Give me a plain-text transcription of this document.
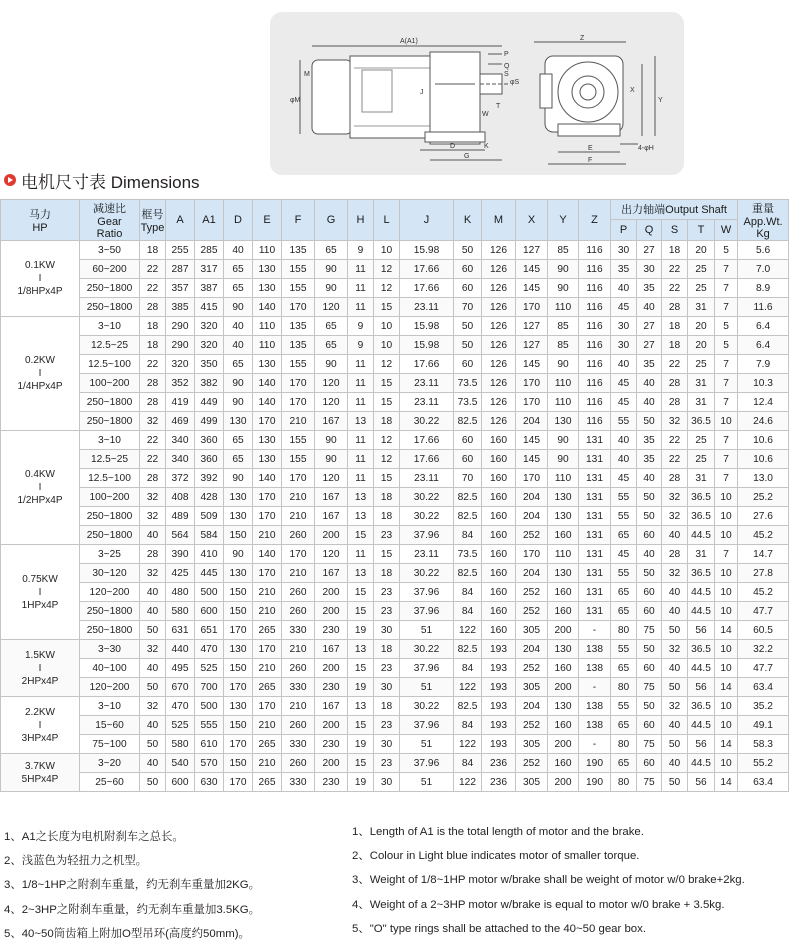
A(A1)
P
Q
S
φS
M
φM
T
W
J
D	K
G
Z
X
Y
E
F
4-φH
电机尺寸表 Dimensions
马力
HP	减速比
Gear
Ratio	框号
Type	A	A1	D	E	F	G	H	L	J	K	M	X	Y	Z	出力轴端Output Shaft					重量
App.Wt.
Kg
																	P	Q	S	T	W	
0.1KW
I
1/8HPx4P	3~50	18	255	285	40	110	135	65	9	10	15.98	50	126	127	85	116	30	27	18	20	5	5.6
	60~200	22	287	317	65	130	155	90	11	12	17.66	60	126	145	90	116	35	30	22	25	7	7.0
	250~1800	22	357	387	65	130	155	90	11	12	17.66	60	126	145	90	116	40	35	22	25	7	8.9
	250~1800	28	385	415	90	140	170	120	11	15	23.11	70	126	170	110	116	45	40	28	31	7	11.6
0.2KW
I
1/4HPx4P	3~10	18	290	320	40	110	135	65	9	10	15.98	50	126	127	85	116	30	27	18	20	5	6.4
	12.5~25	18	290	320	40	110	135	65	9	10	15.98	50	126	127	85	116	30	27	18	20	5	6.4
	12.5~100	22	320	350	65	130	155	90	11	12	17.66	60	126	145	90	116	40	35	22	25	7	7.9
	100~200	28	352	382	90	140	170	120	11	15	23.11	73.5	126	170	110	116	45	40	28	31	7	10.3
	250~1800	28	419	449	90	140	170	120	11	15	23.11	73.5	126	170	110	116	45	40	28	31	7	12.4
	250~1800	32	469	499	130	170	210	167	13	18	30.22	82.5	126	204	130	116	55	50	32	36.5	10	24.6
0.4KW
I
1/2HPx4P	3~10	22	340	360	65	130	155	90	11	12	17.66	60	160	145	90	131	40	35	22	25	7	10.6
	12.5~25	22	340	360	65	130	155	90	11	12	17.66	60	160	145	90	131	40	35	22	25	7	10.6
	12.5~100	28	372	392	90	140	170	120	11	15	23.11	70	160	170	110	131	45	40	28	31	7	13.0
	100~200	32	408	428	130	170	210	167	13	18	30.22	82.5	160	204	130	131	55	50	32	36.5	10	25.2
	250~1800	32	489	509	130	170	210	167	13	18	30.22	82.5	160	204	130	131	55	50	32	36.5	10	27.6
	250~1800	40	564	584	150	210	260	200	15	23	37.96	84	160	252	160	131	65	60	40	44.5	10	45.2
0.75KW
I
1HPx4P	3~25	28	390	410	90	140	170	120	11	15	23.11	73.5	160	170	110	131	45	40	28	31	7	14.7
	30~120	32	425	445	130	170	210	167	13	18	30.22	82.5	160	204	130	131	55	50	32	36.5	10	27.8
	120~200	40	480	500	150	210	260	200	15	23	37.96	84	160	252	160	131	65	60	40	44.5	10	45.2
	250~1800	40	580	600	150	210	260	200	15	23	37.96	84	160	252	160	131	65	60	40	44.5	10	47.7
	250~1800	50	631	651	170	265	330	230	19	30	51	122	160	305	200	-	80	75	50	56	14	60.5
1.5KW
I
2HPx4P	3~30	32	440	470	130	170	210	167	13	18	30.22	82.5	193	204	130	138	55	50	32	36.5	10	32.2
	40~100	40	495	525	150	210	260	200	15	23	37.96	84	193	252	160	138	65	60	40	44.5	10	47.7
	120~200	50	670	700	170	265	330	230	19	30	51	122	193	305	200	-	80	75	50	56	14	63.4
2.2KW
I
3HPx4P	3~10	32	470	500	130	170	210	167	13	18	30.22	82.5	193	204	130	138	55	50	32	36.5	10	35.2
	15~60	40	525	555	150	210	260	200	15	23	37.96	84	193	252	160	138	65	60	40	44.5	10	49.1
	75~100	50	580	610	170	265	330	230	19	30	51	122	193	305	200	-	80	75	50	56	14	58.3
3.7KW
5HPx4P	3~20	40	540	570	150	210	260	200	15	23	37.96	84	236	252	160	190	65	60	40	44.5	10	55.2
	25~60	50	600	630	170	265	330	230	19	30	51	122	236	305	200	190	80	75	50	56	14	63.4
1、A1之长度为电机附刹车之总长。
2、浅蓝色为轻扭力之机型。
3、1/8~1HP之附刹车重量，约无刹车重量加2KG。
4、2~3HP之附刹车重量，约无刹车重量加3.5KG。
5、40~50筒齿箱上附加O型吊环(高度约50mm)。
1、Length of A1 is the total length of motor and the brake.
2、Colour in Light blue indicates motor of smaller torque.
3、Weight of 1/8~1HP motor w/brake shall be weight of motor w/0 brake+2kg.
4、Weight of a 2~3HP motor w/brake is equal to motor w/0 brake + 3.5kg.
5、"O" type rings shall be attached to the 40~50 gear box.
